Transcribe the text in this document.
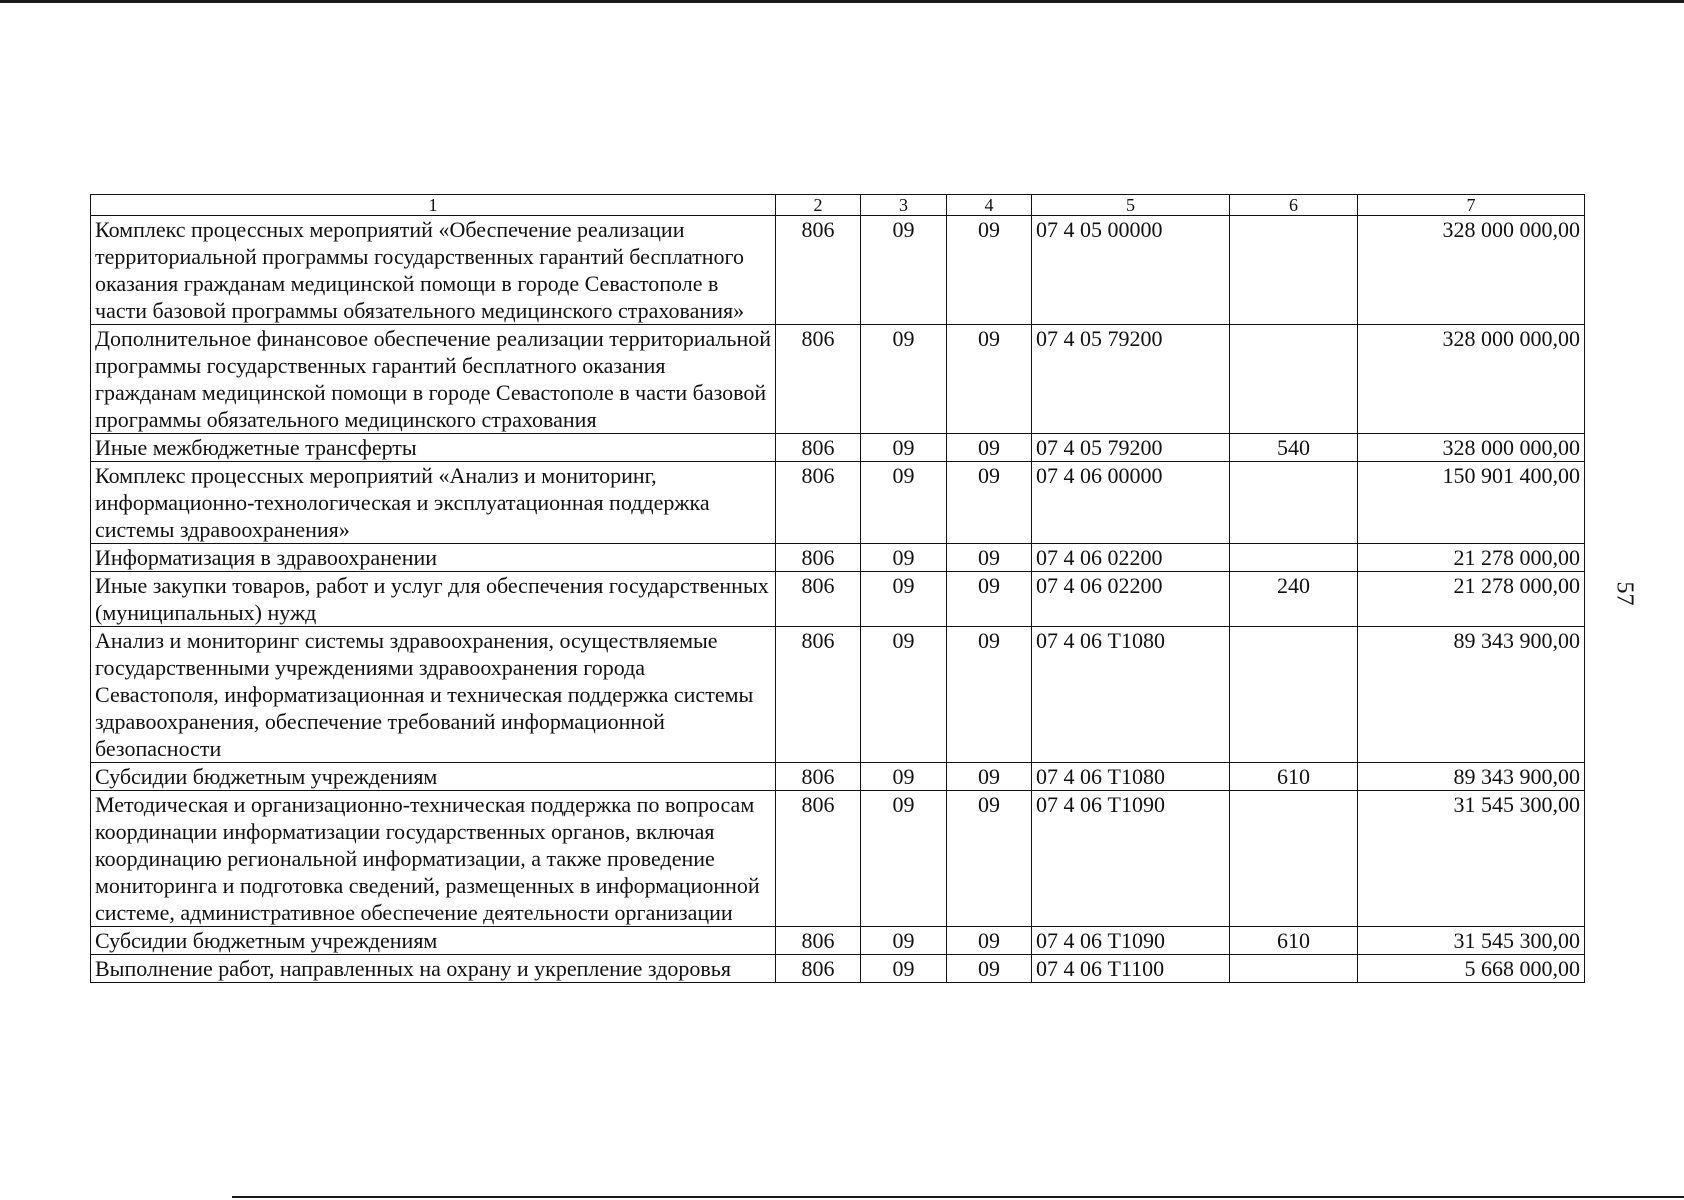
57
1	2	3	4	5	6	7
Комплекс процессных мероприятий «Обеспечение реализации территориальной программы государственных гарантий бесплатного оказания гражданам медицинской помощи в городе Севастополе в части базовой программы обязательного медицинского страхования»	806	09	09	07 4 05 00000		328 000 000,00
Дополнительное финансовое обеспечение реализации территориальной программы государственных гарантий бесплатного оказания гражданам медицинской помощи в городе Севастополе в части базовой программы обязательного медицинского страхования	806	09	09	07 4 05 79200		328 000 000,00
Иные межбюджетные трансферты	806	09	09	07 4 05 79200	540	328 000 000,00
Комплекс процессных мероприятий «Анализ и мониторинг, информационно-технологическая и эксплуатационная поддержка системы здравоохранения»	806	09	09	07 4 06 00000		150 901 400,00
Информатизация в здравоохранении	806	09	09	07 4 06 02200		21 278 000,00
Иные закупки товаров, работ и услуг для обеспечения государственных (муниципальных) нужд	806	09	09	07 4 06 02200	240	21 278 000,00
Анализ и мониторинг системы здравоохранения, осуществляемые государственными учреждениями здравоохранения города Севастополя, информатизационная и техническая поддержка системы здравоохранения, обеспечение требований информационной безопасности	806	09	09	07 4 06 Т1080		89 343 900,00
Субсидии бюджетным учреждениям	806	09	09	07 4 06 Т1080	610	89 343 900,00
Методическая и организационно-техническая поддержка по вопросам координации информатизации государственных органов, включая координацию региональной информатизации, а также проведение мониторинга и подготовка сведений, размещенных в информационной системе, административное обеспечение деятельности организации	806	09	09	07 4 06 Т1090		31 545 300,00
Субсидии бюджетным учреждениям	806	09	09	07 4 06 Т1090	610	31 545 300,00
Выполнение работ, направленных на охрану и укрепление здоровья	806	09	09	07 4 06 Т1100		5 668 000,00
